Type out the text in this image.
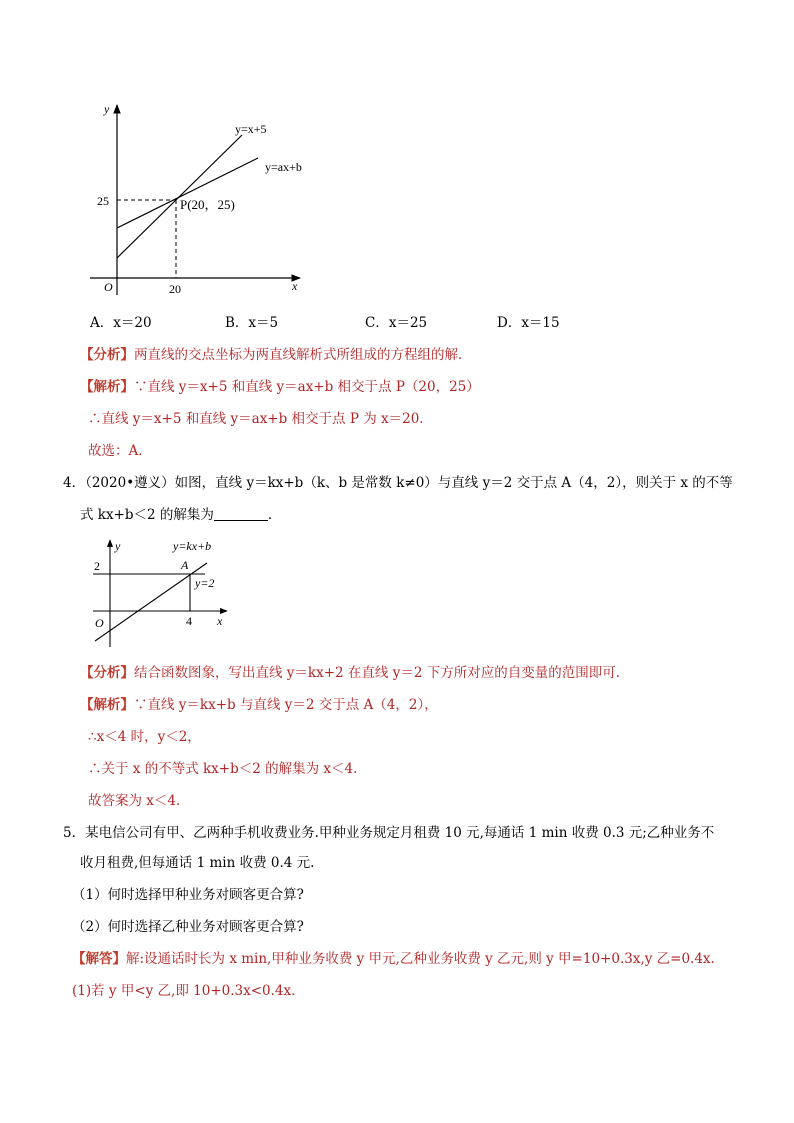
y
x
O
25
20
y=x+5
y=ax+b
P(20，25)
A．x＝20	B．x＝5	C．x＝25	D．x＝15
【分析】两直线的交点坐标为两直线解析式所组成的方程组的解．
【解析】∵直线 y＝x+5 和直线 y＝ax+b 相交于点 P（20，25）
∴直线 y＝x+5 和直线 y＝ax+b 相交于点 P 为 x＝20．
故选：A．
4．（2020•遵义）如图，直线 y＝kx+b（k、b 是常数 k≠0）与直线 y＝2 交于点 A（4，2），则关于 x 的不等
式 kx+b＜2 的解集为	．
y
x
O
2
4
y=kx+b
A
y=2
【分析】结合函数图象，写出直线 y＝kx+2 在直线 y＝2 下方所对应的自变量的范围即可．
【解析】∵直线 y＝kx+b 与直线 y＝2 交于点 A（4，2），
∴x＜4 时，y＜2，
∴关于 x 的不等式 kx+b＜2 的解集为 x＜4．
故答案为 x＜4．
5．某电信公司有甲、乙两种手机收费业务.甲种业务规定月租费 10 元,每通话 1 min 收费 0.3 元;乙种业务不
收月租费,但每通话 1 min 收费 0.4 元.
（1）何时选择甲种业务对顾客更合算?
（2）何时选择乙种业务对顾客更合算?
【解答】解:设通话时长为 x min,甲种业务收费 y 甲元,乙种业务收费 y 乙元,则 y 甲=10+0.3x,y 乙=0.4x.
(1)若 y 甲<y 乙,即 10+0.3x<0.4x.
